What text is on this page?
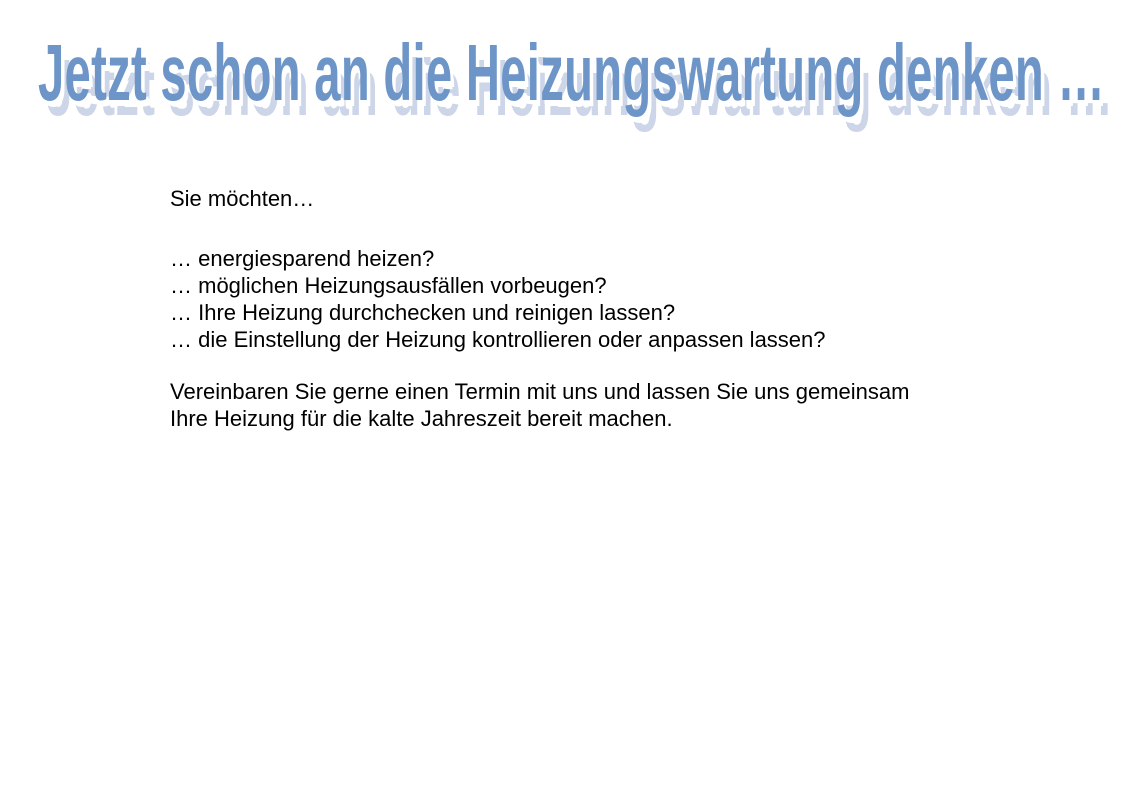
Jetzt schon an die Heizungswartung denken …
Sie möchten…
… energiesparend heizen?
… möglichen Heizungsausfällen vorbeugen?
… Ihre Heizung durchchecken und reinigen lassen?
… die Einstellung der Heizung kontrollieren oder anpassen lassen?
Vereinbaren Sie gerne einen Termin mit uns und lassen Sie uns gemeinsam
Ihre Heizung für die kalte Jahreszeit bereit machen.
